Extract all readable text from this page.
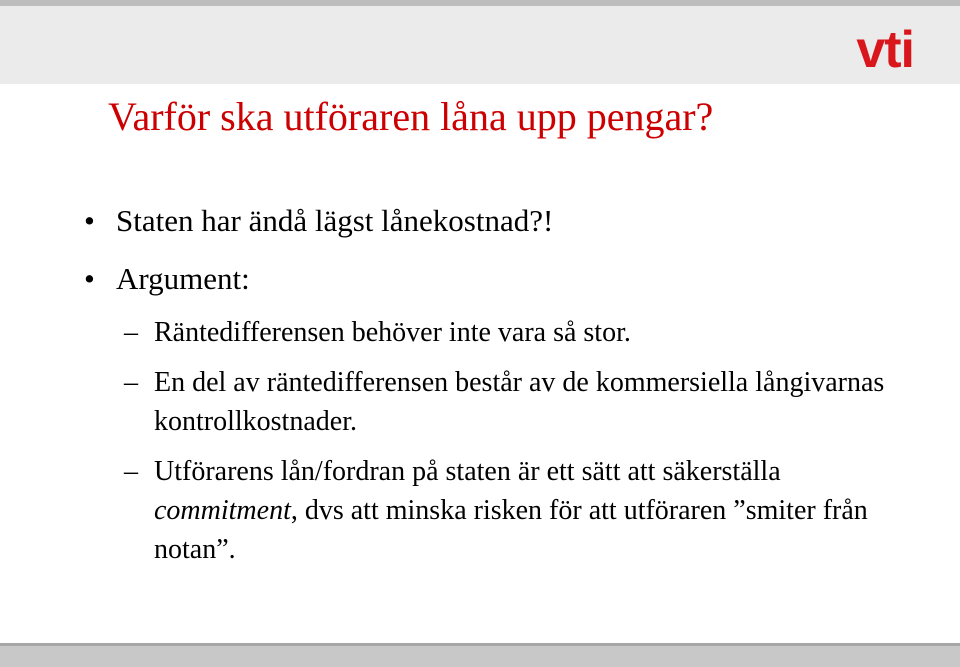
vti
Varför ska utföraren låna upp pengar?
• Staten har ändå lägst lånekostnad?!
• Argument:
– Räntedifferensen behöver inte vara så stor.
– En del av räntedifferensen består av de kommersiella långivarnas kontrollkostnader.
– Utförarens lån/fordran på staten är ett sätt att säkerställa commitment, dvs att minska risken för att utföraren ”smiter från notan”.
